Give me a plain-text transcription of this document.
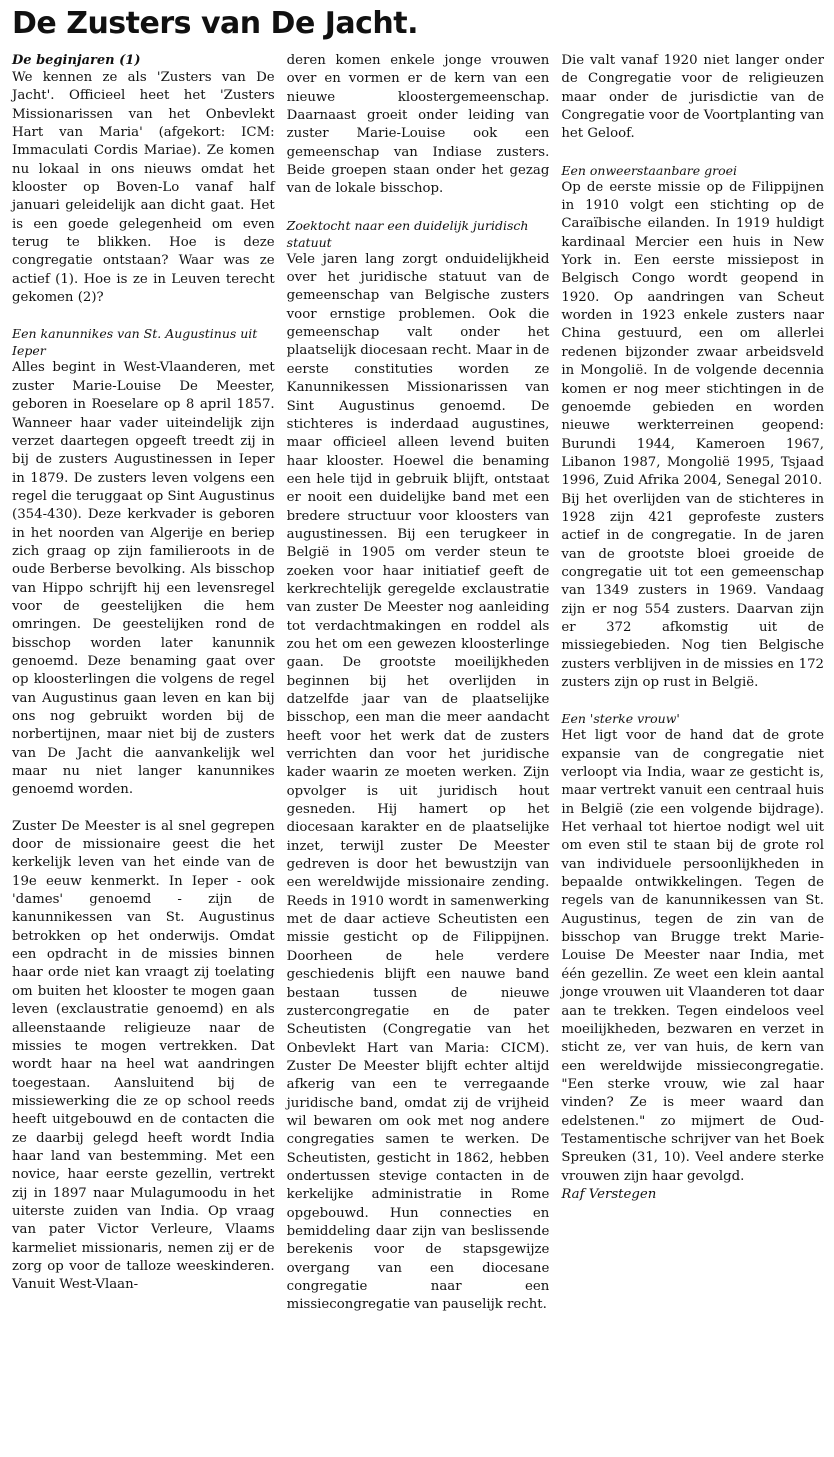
De Zusters van De Jacht.
De beginjaren (1)

We kennen ze als 'Zusters van De Jacht'. Officieel heet het 'Zusters Missionarissen van het Onbevlekt Hart van Maria' (afgekort: ICM: Immaculati Cordis Mariae). Ze komen nu lokaal in ons nieuws omdat het klooster op Boven-Lo vanaf half januari geleidelijk aan dicht gaat. Het is een goede gelegenheid om even terug te blikken. Hoe is deze congregatie ontstaan? Waar was ze actief (1). Hoe is ze in Leuven terecht gekomen (2)?

Een kanunnikes van St. Augustinus uit Ieper

Alles begint in West-Vlaanderen, met zuster Marie-Louise De Meester, geboren in Roeselare op 8 april 1857. Wanneer haar vader uiteindelijk zijn verzet daartegen opgeeft treedt zij in bij de zusters Augustinessen in Ieper in 1879. De zusters leven volgens een regel die teruggaat op Sint Augustinus (354-430). Deze kerkvader is geboren in het noorden van Algerije en beriep zich graag op zijn familieroots in de oude Berberse bevolking. Als bisschop van Hippo schrijft hij een levensregel voor de geestelijken die hem omringen. De geestelijken rond de bisschop worden later kanunnik genoemd. Deze benaming gaat over op kloosterlingen die volgens de regel van Augustinus gaan leven en kan bij ons nog gebruikt worden bij de norbertijnen, maar niet bij de zusters van De Jacht die aanvankelijk wel maar nu niet langer kanunnikes genoemd worden.

Zuster De Meester is al snel gegrepen door de missionaire geest die het kerkelijk leven van het einde van de 19e eeuw kenmerkt. In Ieper - ook 'dames' genoemd - zijn de kanunnikessen van St. Augustinus betrokken op het onderwijs. Omdat een opdracht in de missies binnen haar orde niet kan vraagt zij toelating om buiten het klooster te mogen gaan leven (exclaustratie genoemd) en als alleenstaande religieuze naar de missies te mogen vertrekken. Dat wordt haar na heel wat aandringen toegestaan. Aansluitend bij de missiewerking die ze op school reeds heeft uitgebouwd en de contacten die ze daarbij gelegd heeft wordt India haar land van bestemming. Met een novice, haar eerste gezellin, vertrekt zij in 1897 naar Mulagumoodu in het uiterste zuiden van India. Op vraag van pater Victor Verleure, Vlaams karmeliet missionaris, nemen zij er de zorg op voor de talloze weeskinderen. Vanuit West-Vlaan-

deren komen enkele jonge vrouwen over en vormen er de kern van een nieuwe kloostergemeenschap. Daarnaast groeit onder leiding van zuster Marie-Louise ook een gemeenschap van Indiase zusters. Beide groepen staan onder het gezag van de lokale bisschop.

Zoektocht naar een duidelijk juridisch statuut

Vele jaren lang zorgt onduidelijkheid over het juridische statuut van de gemeenschap van Belgische zusters voor ernstige problemen. Ook die gemeenschap valt onder het plaatselijk diocesaan recht. Maar in de eerste constituties worden ze Kanunnikessen Missionarissen van Sint Augustinus genoemd. De stichteres is inderdaad augustines, maar officieel alleen levend buiten haar klooster. Hoewel die benaming een hele tijd in gebruik blijft, ontstaat er nooit een duidelijke band met een bredere structuur voor kloosters van augustinessen. Bij een terugkeer in België in 1905 om verder steun te zoeken voor haar initiatief geeft de kerkrechtelijk geregelde exclaustratie van zuster De Meester nog aanleiding tot verdachtmakingen en roddel als zou het om een gewezen kloosterlinge gaan. De grootste moeilijkheden beginnen bij het overlijden in datzelfde jaar van de plaatselijke bisschop, een man die meer aandacht heeft voor het werk dat de zusters verrichten dan voor het juridische kader waarin ze moeten werken. Zijn opvolger is uit juridisch hout gesneden. Hij hamert op het diocesaan karakter en de plaatselijke inzet, terwijl zuster De Meester gedreven is door het bewustzijn van een wereldwijde missionaire zending. Reeds in 1910 wordt in samenwerking met de daar actieve Scheutisten een missie gesticht op de Filippijnen. Doorheen de hele verdere geschiedenis blijft een nauwe band bestaan tussen de nieuwe zustercongregatie en de pater Scheutisten (Congregatie van het Onbevlekt Hart van Maria: CICM). Zuster De Meester blijft echter altijd afkerig van een te verregaande juridische band, omdat zij de vrijheid wil bewaren om ook met nog andere congregaties samen te werken. De Scheutisten, gesticht in 1862, hebben ondertussen stevige contacten in de kerkelijke administratie in Rome opgebouwd. Hun connecties en bemiddeling daar zijn van beslissende berekenis voor de stapsgewijze overgang van een diocesane congregatie naar een missiecongregatie van pauselijk recht.

Die valt vanaf 1920 niet langer onder de Congregatie voor de religieuzen maar onder de jurisdictie van de Congregatie voor de Voortplanting van het Geloof.

Een onweerstaanbare groei

Op de eerste missie op de Filippijnen in 1910 volgt een stichting op de Caraïbische eilanden. In 1919 huldigt kardinaal Mercier een huis in New York in. Een eerste missiepost in Belgisch Congo wordt geopend in 1920. Op aandringen van Scheut worden in 1923 enkele zusters naar China gestuurd, een om allerlei redenen bijzonder zwaar arbeidsveld in Mongolië. In de volgende decennia komen er nog meer stichtingen in de genoemde gebieden en worden nieuwe werkterreinen geopend: Burundi 1944, Kameroen 1967, Libanon 1987, Mongolië 1995, Tsjaad 1996, Zuid Afrika 2004, Senegal 2010.

Bij het overlijden van de stichteres in 1928 zijn 421 geprofeste zusters actief in de congregatie. In de jaren van de grootste bloei groeide de congregatie uit tot een gemeenschap van 1349 zusters in 1969. Vandaag zijn er nog 554 zusters. Daarvan zijn er 372 afkomstig uit de missiegebieden. Nog tien Belgische zusters verblijven in de missies en 172 zusters zijn op rust in België.

Een 'sterke vrouw'

Het ligt voor de hand dat de grote expansie van de congregatie niet verloopt via India, waar ze gesticht is, maar vertrekt vanuit een centraal huis in België (zie een volgende bijdrage). Het verhaal tot hiertoe nodigt wel uit om even stil te staan bij de grote rol van individuele persoonlijkheden in bepaalde ontwikkelingen. Tegen de regels van de kanunnikessen van St. Augustinus, tegen de zin van de bisschop van Brugge trekt Marie-Louise De Meester naar India, met één gezellin. Ze weet een klein aantal jonge vrouwen uit Vlaanderen tot daar aan te trekken. Tegen eindeloos veel moeilijkheden, bezwaren en verzet in sticht ze, ver van huis, de kern van een wereldwijde missiecongregatie. "Een sterke vrouw, wie zal haar vinden? Ze is meer waard dan edelstenen." zo mijmert de Oud-Testamentische schrijver van het Boek Spreuken (31, 10). Veel andere sterke vrouwen zijn haar gevolgd.

Raf Verstegen
